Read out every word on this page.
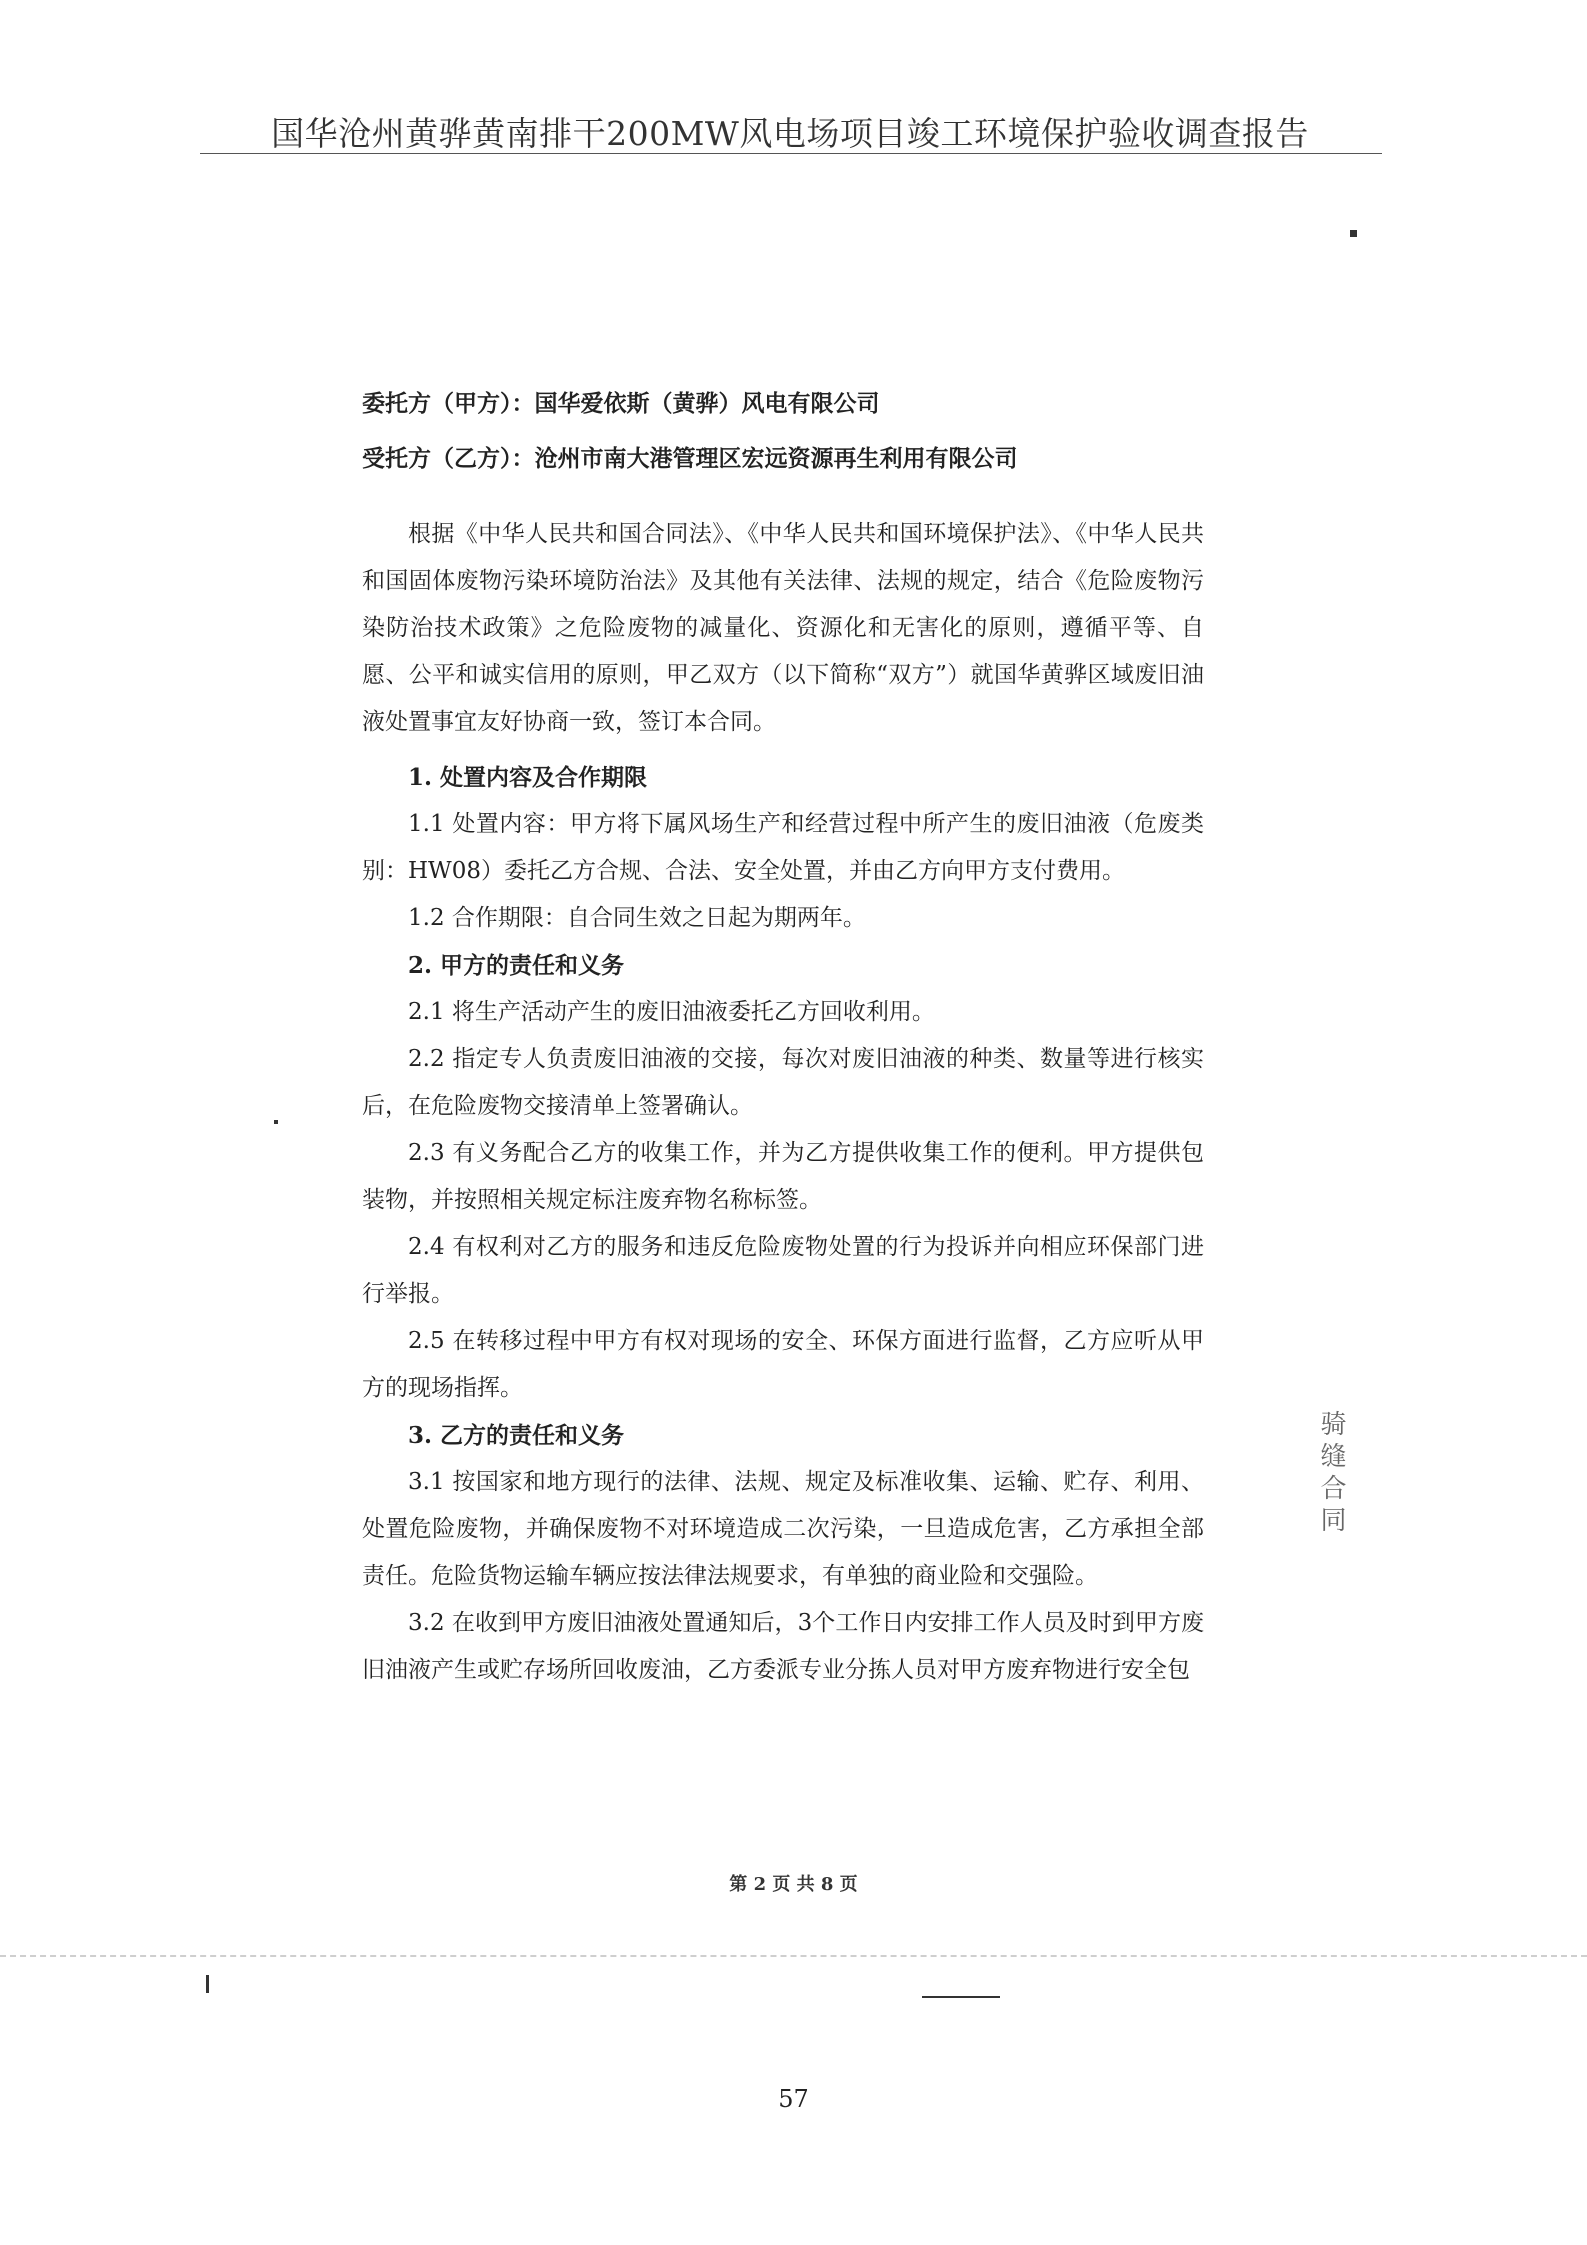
国华沧州黄骅黄南排干200MW风电场项目竣工环境保护验收调查报告
委托方（甲方）：国华爱依斯（黄骅）风电有限公司
受托方（乙方）：沧州市南大港管理区宏远资源再生利用有限公司

根据《中华人民共和国合同法》、《中华人民共和国环境保护法》、《中华人民共和国固体废物污染环境防治法》及其他有关法律、法规的规定，结合《危险废物污染防治技术政策》之危险废物的减量化、资源化和无害化的原则，遵循平等、自愿、公平和诚实信用的原则，甲乙双方（以下简称“双方”）就国华黄骅区域废旧油液处置事宜友好协商一致，签订本合同。

1. 处置内容及合作期限

1.1 处置内容：甲方将下属风场生产和经营过程中所产生的废旧油液（危废类别：HW08）委托乙方合规、合法、安全处置，并由乙方向甲方支付费用。

1.2 合作期限：自合同生效之日起为期两年。

2. 甲方的责任和义务

2.1 将生产活动产生的废旧油液委托乙方回收利用。

2.2 指定专人负责废旧油液的交接，每次对废旧油液的种类、数量等进行核实后，在危险废物交接清单上签署确认。

2.3 有义务配合乙方的收集工作，并为乙方提供收集工作的便利。甲方提供包装物，并按照相关规定标注废弃物名称标签。

2.4 有权利对乙方的服务和违反危险废物处置的行为投诉并向相应环保部门进行举报。

2.5 在转移过程中甲方有权对现场的安全、环保方面进行监督，乙方应听从甲方的现场指挥。

3. 乙方的责任和义务

3.1 按国家和地方现行的法律、法规、规定及标准收集、运输、贮存、利用、处置危险废物，并确保废物不对环境造成二次污染，一旦造成危害，乙方承担全部责任。危险货物运输车辆应按法律法规要求，有单独的商业险和交强险。

3.2 在收到甲方废旧油液处置通知后，3个工作日内安排工作人员及时到甲方废旧油液产生或贮存场所回收废油，乙方委派专业分拣人员对甲方废弃物进行安全包

骑缝合同
第 2 页 共 8 页
57
